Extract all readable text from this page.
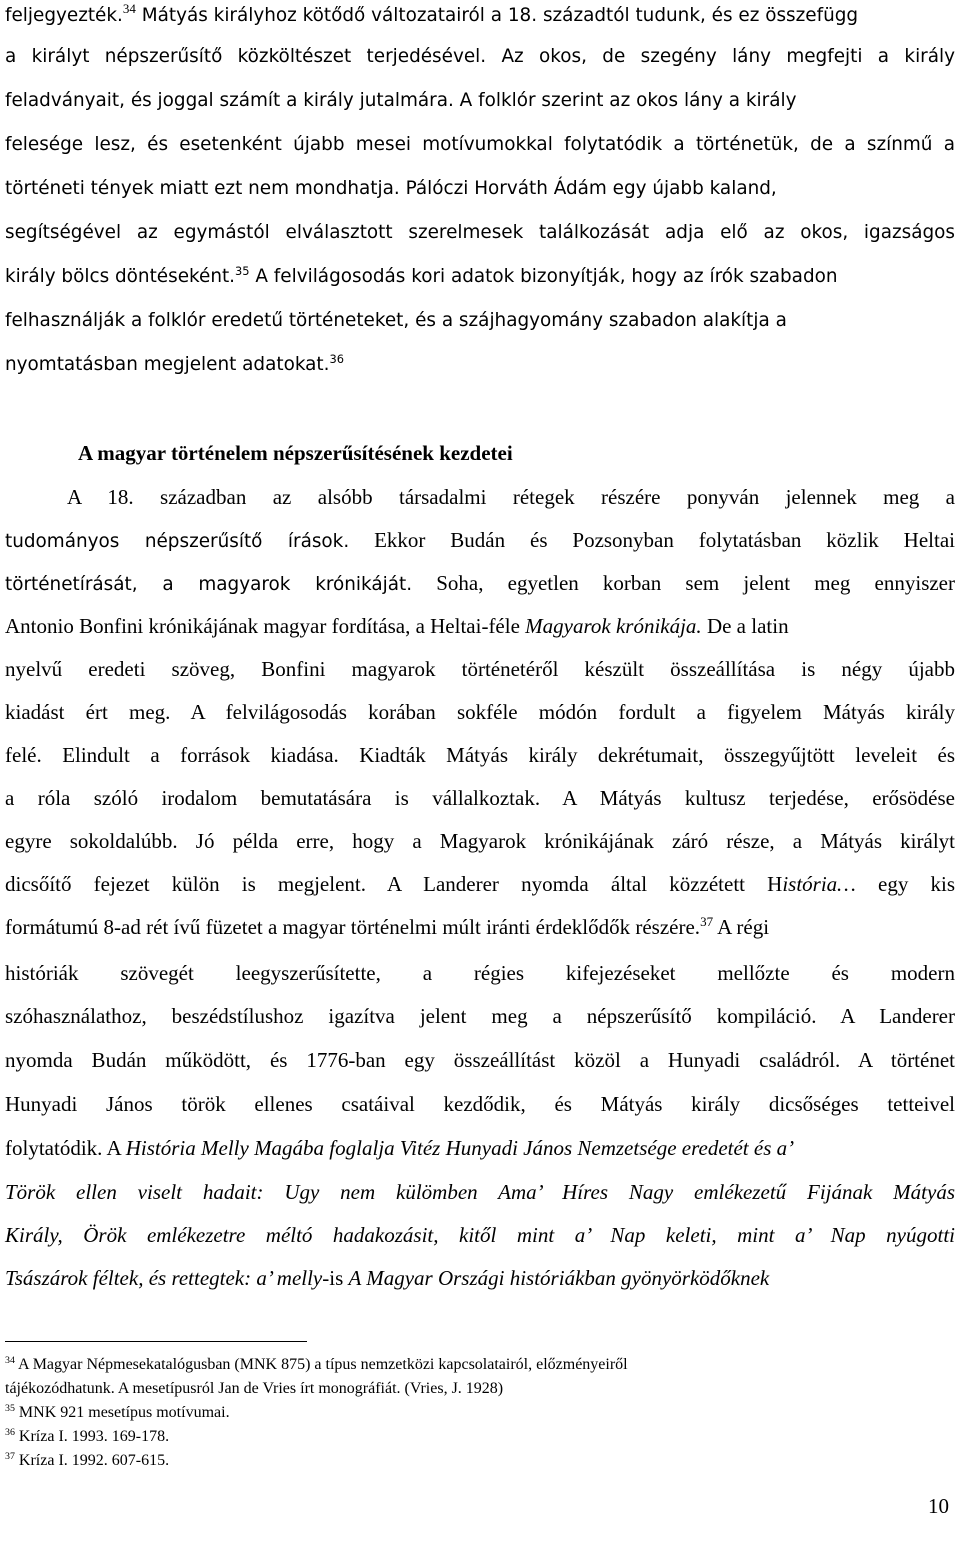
feljegyezték.$^{34}$ Mátyás királyhoz kötődő változatairól a 18. századtól tudunk, és ez összefügg
a királyt népszerűsítő közköltészet terjedésével. Az okos, de szegény lány megfejti a király
feladványait, és joggal számít a király jutalmára. A folklór szerint az okos lány a király
felesége lesz, és esetenként újabb mesei motívumokkal folytatódik a történetük, de a színmű a
történeti tények miatt ezt nem mondhatja. Pálóczi Horváth Ádám egy újabb kaland,
segítségével az egymástól elválasztott szerelmesek találkozását adja elő az okos, igazságos
király bölcs döntéseként.$^{35}$ A felvilágosodás kori adatok bizonyítják, hogy az írók szabadon
felhasználják a folklór eredetű történeteket, és a szájhagyomány szabadon alakítja a
nyomtatásban megjelent adatokat.$^{36}$
A magyar történelem népszerűsítésének kezdetei
A 18. században az alsóbb társadalmi rétegek részére ponyván jelennek meg a
tudományos népszerűsítő írások. Ekkor Budán és Pozsonyban folytatásban közlik Heltai
történetírását, a magyarok krónikáját. Soha, egyetlen korban sem jelent meg ennyiszer
Antonio Bonfini krónikájának magyar fordítása, a Heltai-féle Magyarok krónikája. De a latin
nyelvű eredeti szöveg, Bonfini magyarok történetéről készült összeállítása is négy újabb
kiadást ért meg. A felvilágosodás korában sokféle módón fordult a figyelem Mátyás király
felé. Elindult a források kiadása. Kiadták Mátyás király dekrétumait, összegyűjtött leveleit és
a róla szóló irodalom bemutatására is vállalkoztak. A Mátyás kultusz terjedése, erősödése
egyre sokoldalúbb. Jó példa erre, hogy a Magyarok krónikájának záró része, a Mátyás királyt
dicsőítő fejezet külön is megjelent. A Landerer nyomda által közzétett História… egy kis
formátumú 8-ad rét ívű füzetet a magyar történelmi múlt iránti érdeklődők részére.$^{37}$ A régi
históriák szövegét leegyszerűsítette, a régies kifejezéseket mellőzte és modern
szóhasználathoz, beszédstílushoz igazítva jelent meg a népszerűsítő kompiláció. A Landerer
nyomda Budán működött, és 1776-ban egy összeállítást közöl a Hunyadi családról. A történet
Hunyadi János török ellenes csatáival kezdődik, és Mátyás király dicsőséges tetteivel
folytatódik. A História Melly Magába foglalja Vitéz Hunyadi János Nemzetsége eredetét és a’
Török ellen viselt hadait: Ugy nem külömben Ama’ Híres Nagy emlékezetű Fijának Mátyás
Király, Örök emlékezetre méltó hadakozásit, kitől mint a’ Nap keleti, mint a’ Nap nyúgotti
Tsászárok féltek, és rettegtek: a’ melly-is A Magyar Országi históriákban gyönyörködőknek
$^{34}$ A Magyar Népmesekatalógusban (MNK 875) a típus nemzetközi kapcsolatairól, előzményeiről
tájékozódhatunk. A mesetípusról Jan de Vries írt monográfiát. (Vries, J. 1928)
$^{35}$ MNK 921 mesetípus motívumai.
$^{36}$ Kríza I. 1993. 169-178.
$^{37}$ Kríza I. 1992. 607-615.
10
